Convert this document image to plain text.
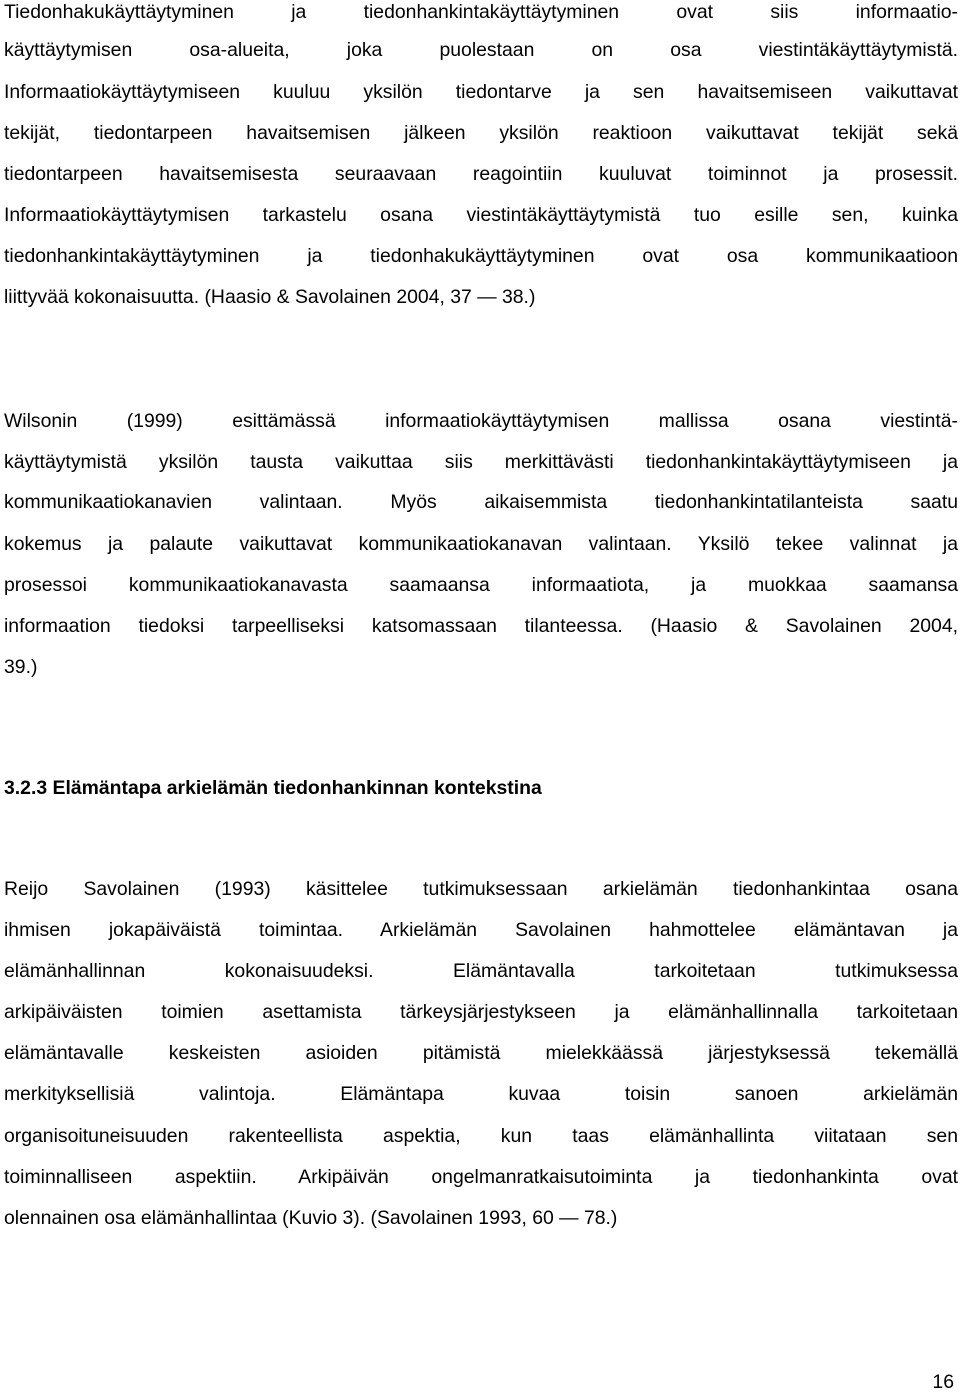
Tiedonhakukäyttäytyminen ja tiedonhankintakäyttäytyminen ovat siis informaatio-
käyttäytymisen osa-alueita, joka puolestaan on osa viestintäkäyttäytymistä.
Informaatiokäyttäytymiseen kuuluu yksilön tiedontarve ja sen havaitsemiseen vaikuttavat
tekijät, tiedontarpeen havaitsemisen jälkeen yksilön reaktioon vaikuttavat tekijät sekä
tiedontarpeen havaitsemisesta seuraavaan reagointiin kuuluvat toiminnot ja prosessit.
Informaatiokäyttäytymisen tarkastelu osana viestintäkäyttäytymistä tuo esille sen, kuinka
tiedonhankintakäyttäytyminen ja tiedonhakukäyttäytyminen ovat osa kommunikaatioon
liittyvää kokonaisuutta. (Haasio & Savolainen 2004, 37 — 38.)
Wilsonin (1999) esittämässä informaatiokäyttäytymisen mallissa osana viestintä-
käyttäytymistä yksilön tausta vaikuttaa siis merkittävästi tiedonhankintakäyttäytymiseen ja
kommunikaatiokanavien valintaan. Myös aikaisemmista tiedonhankintatilanteista saatu
kokemus ja palaute vaikuttavat kommunikaatiokanavan valintaan. Yksilö tekee valinnat ja
prosessoi kommunikaatiokanavasta saamaansa informaatiota, ja muokkaa saamansa
informaation tiedoksi tarpeelliseksi katsomassaan tilanteessa. (Haasio & Savolainen 2004,
39.)
3.2.3 Elämäntapa arkielämän tiedonhankinnan kontekstina
Reijo Savolainen (1993) käsittelee tutkimuksessaan arkielämän tiedonhankintaa osana
ihmisen jokapäiväistä toimintaa. Arkielämän Savolainen hahmottelee elämäntavan ja
elämänhallinnan kokonaisuudeksi. Elämäntavalla tarkoitetaan tutkimuksessa
arkipäiväisten toimien asettamista tärkeysjärjestykseen ja elämänhallinnalla tarkoitetaan
elämäntavalle keskeisten asioiden pitämistä mielekkäässä järjestyksessä tekemällä
merkityksellisiä valintoja. Elämäntapa kuvaa toisin sanoen arkielämän
organisoituneisuuden rakenteellista aspektia, kun taas elämänhallinta viitataan sen
toiminnalliseen aspektiin. Arkipäivän ongelmanratkaisutoiminta ja tiedonhankinta ovat
olennainen osa elämänhallintaa (Kuvio 3). (Savolainen 1993, 60 — 78.)
16
